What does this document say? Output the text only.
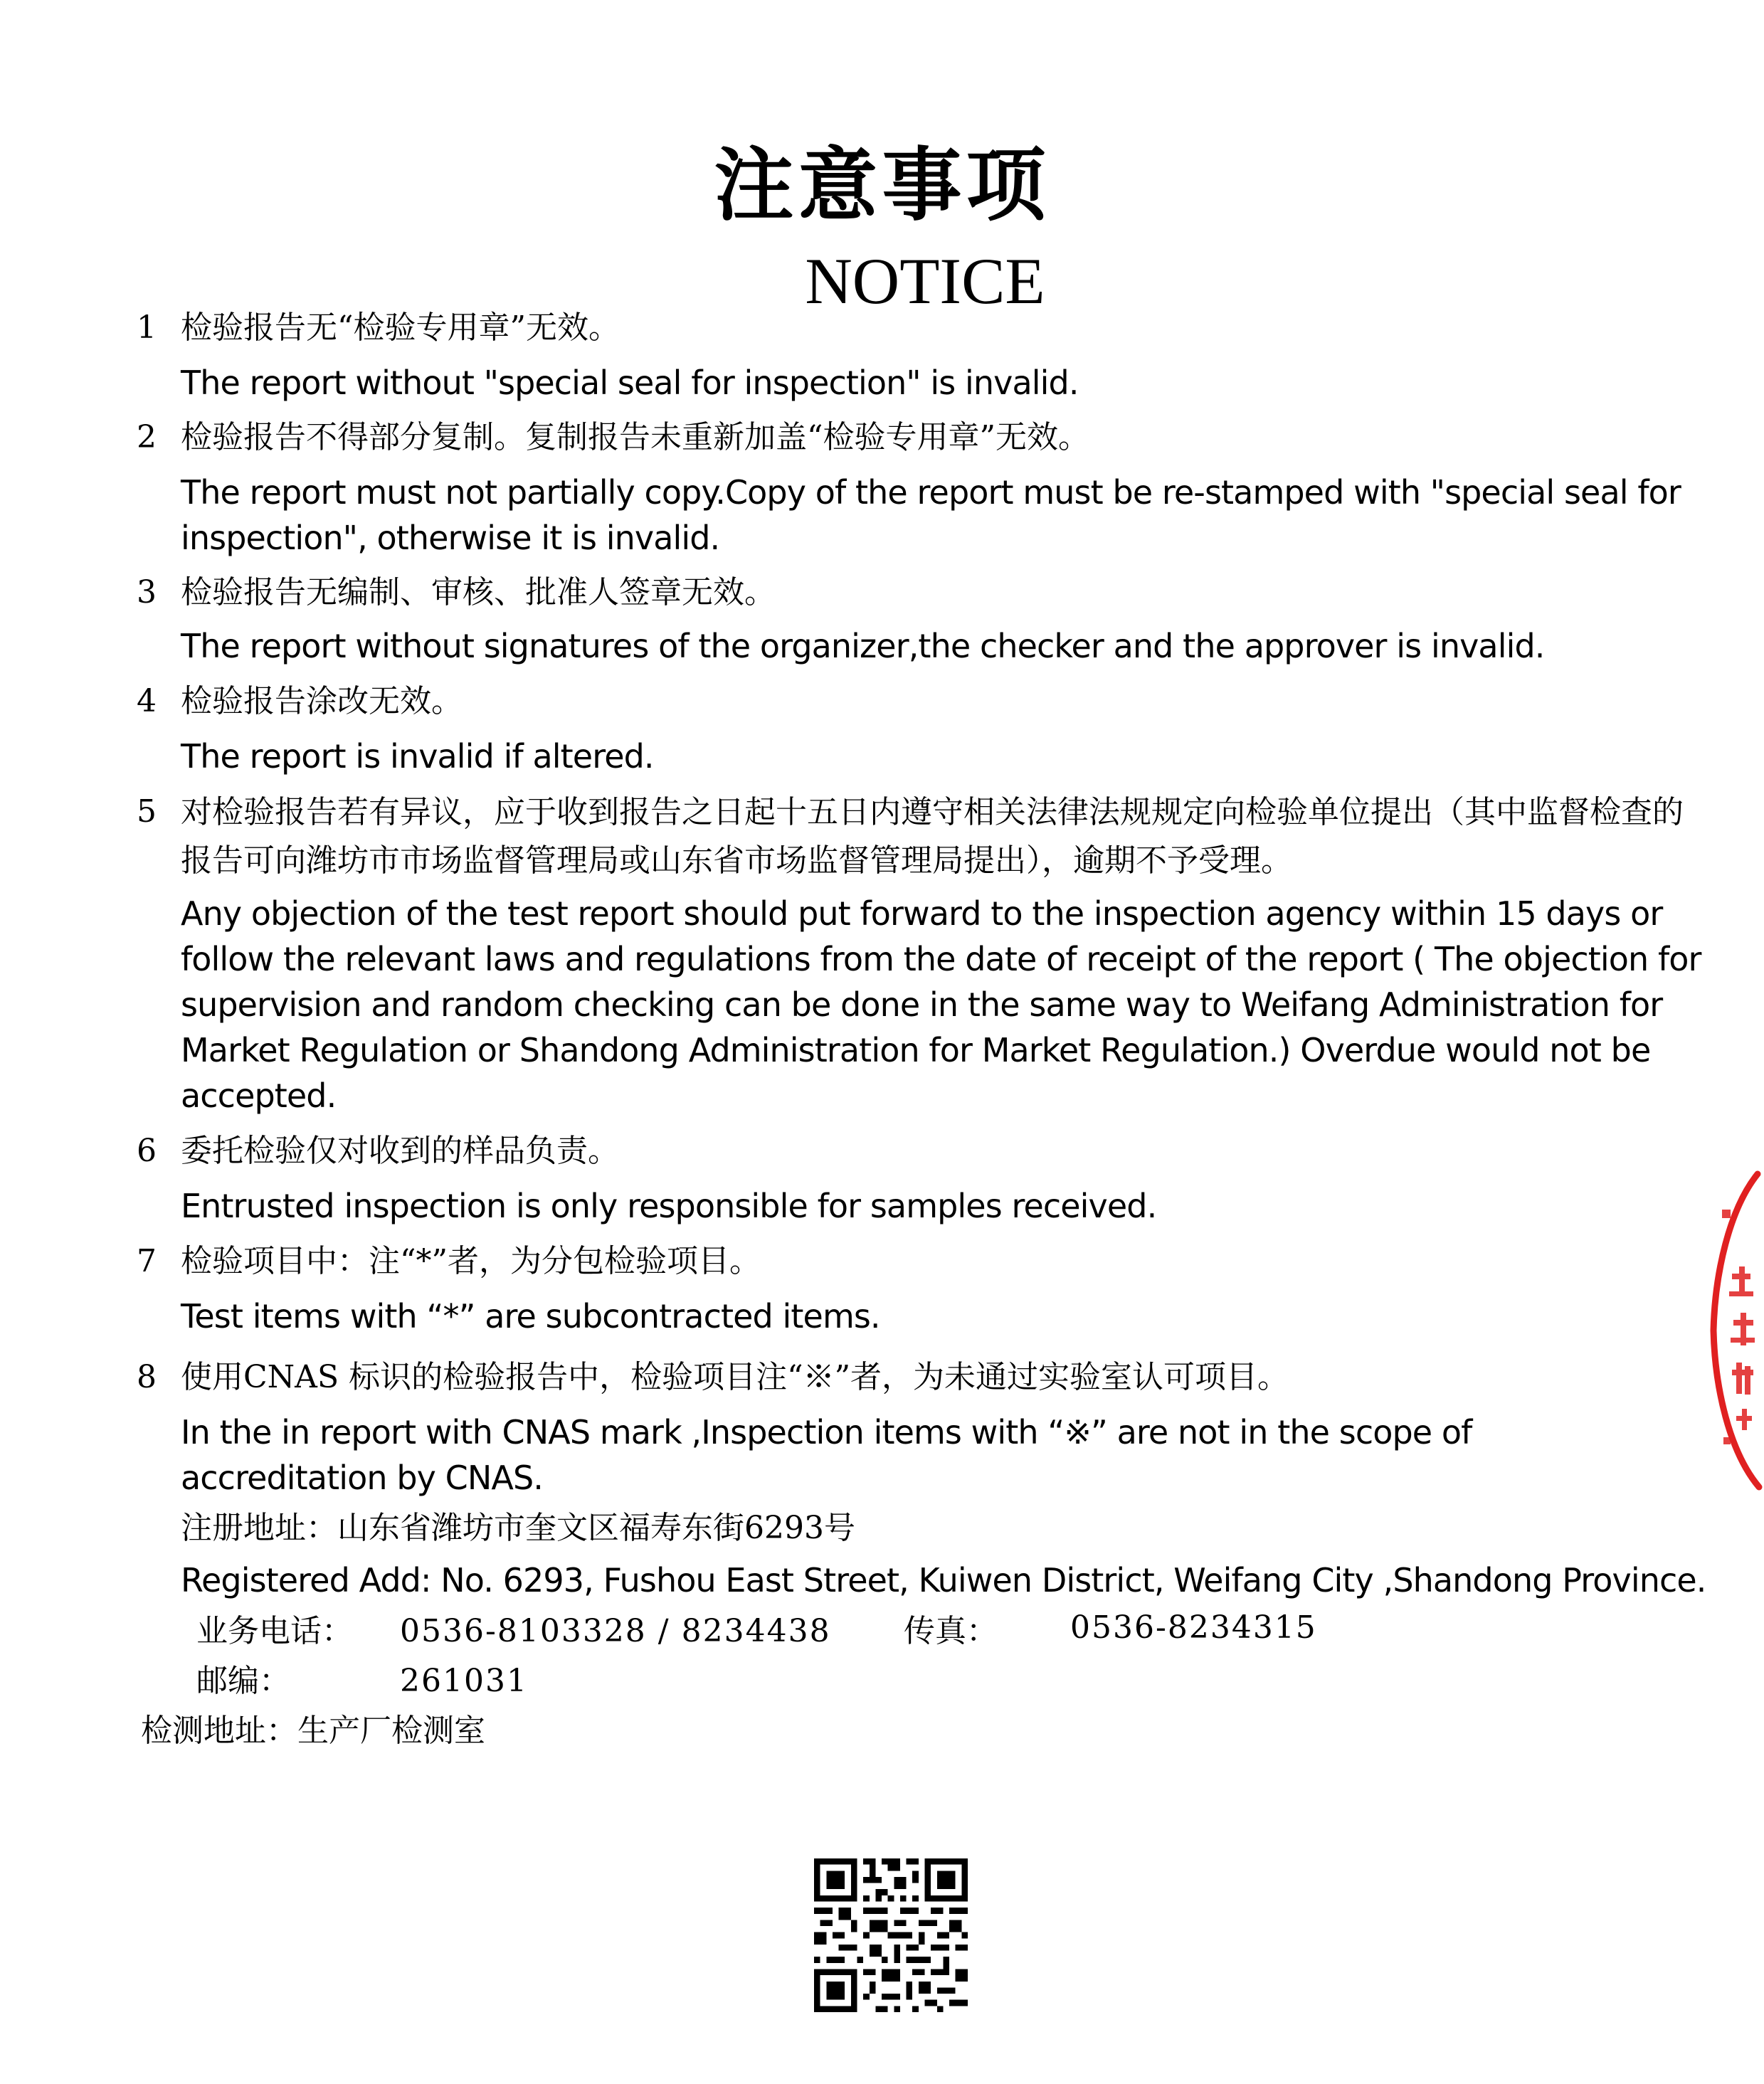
注意事项
NOTICE
1 检验报告无“检验专用章”无效。
The report without "special seal for inspection" is invalid.
2 检验报告不得部分复制。复制报告未重新加盖“检验专用章”无效。
The report must not partially copy.Copy of the report must be re-stamped with "special seal for inspection", otherwise it is invalid.
3 检验报告无编制、审核、批准人签章无效。
The report without signatures of the organizer,the checker and the approver is invalid.
4 检验报告涂改无效。
The report is invalid if altered.
5 对检验报告若有异议，应于收到报告之日起十五日内遵守相关法律法规规定向检验单位提出（其中监督检查的报告可向潍坊市市场监督管理局或山东省市场监督管理局提出），逾期不予受理。
Any objection of the test report should put forward to the inspection agency within 15 days or follow the relevant laws and regulations from the date of receipt of the report ( The objection for supervision and random checking can be done in the same way to Weifang Administration for Market Regulation or Shandong Administration for Market Regulation.) Overdue would not be accepted.
6 委托检验仅对收到的样品负责。
Entrusted inspection is only responsible for samples received.
7 检验项目中：注“*”者，为分包检验项目。
Test items with “*” are subcontracted items.
8 使用CNAS 标识的检验报告中，检验项目注“※”者，为未通过实验室认可项目。
In the in report with CNAS mark ,Inspection items with “※” are not in the scope of accreditation by CNAS.
注册地址：山东省潍坊市奎文区福寿东街6293号
Registered Add: No. 6293, Fushou East Street, Kuiwen District, Weifang City ,Shandong Province.
业务电话： 0536-8103328 / 8234438 传真： 0536-8234315
邮编：	261031
检测地址：生产厂检测室
